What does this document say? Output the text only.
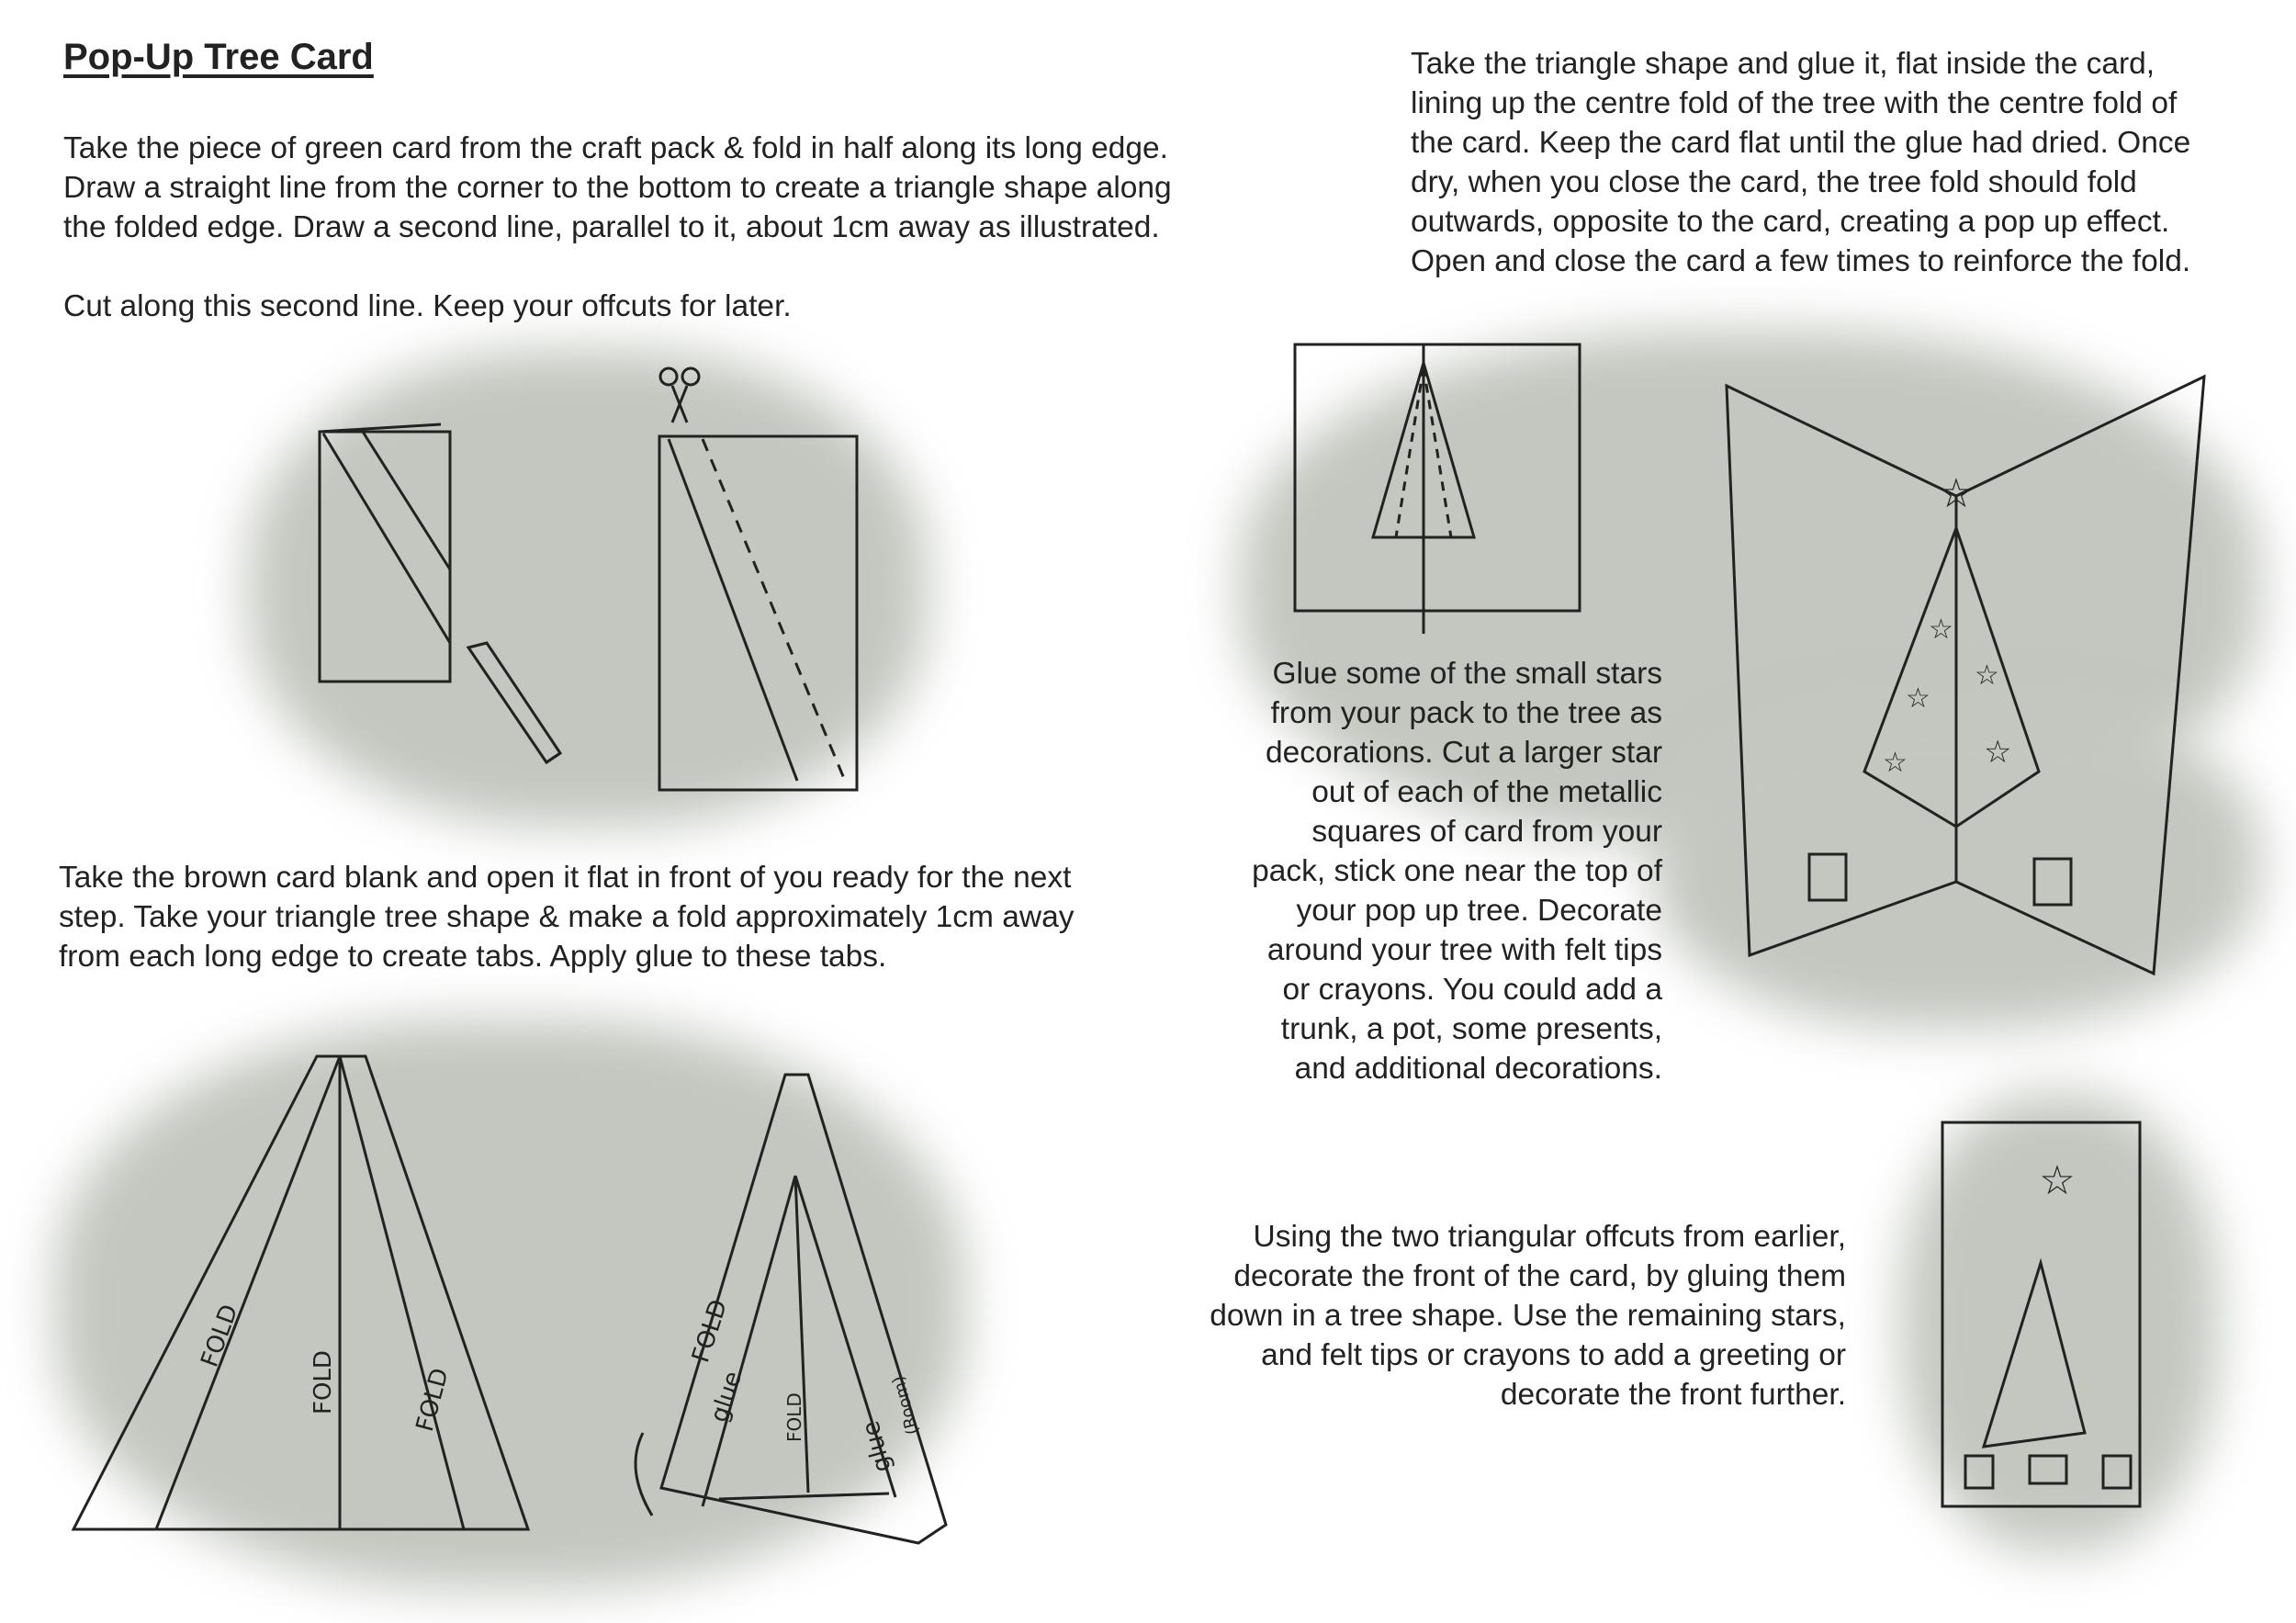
Pop-Up Tree Card
Take the piece of green card from the craft pack & fold in half along its long edge.
Draw a straight line from the corner to the bottom to create a triangle shape along
the folded edge. Draw a second line, parallel to it, about 1cm away as illustrated.
Cut along this second line. Keep your offcuts for later.
Take the brown card blank and open it flat in front of you ready for the next
step. Take your triangle tree shape & make a fold approximately 1cm away
from each long edge to create tabs. Apply glue to these tabs.
Take the triangle shape and glue it, flat inside the card,
lining up the centre fold of the tree with the centre fold of
the card. Keep the card flat until the glue had dried. Once
dry, when you close the card, the tree fold should fold
outwards, opposite to the card, creating a pop up effect.
Open and close the card a few times to reinforce the fold.
Glue some of the small stars
from your pack to the tree as
decorations. Cut a larger star
out of each of the metallic
squares of card from your
pack, stick one near the top of
your pop up tree. Decorate
around your tree with felt tips
or crayons. You could add a
trunk, a pot, some presents,
and additional decorations.
Using the two triangular offcuts from earlier,
decorate the front of the card, by gluing them
down in a tree shape. Use the remaining stars,
and felt tips or crayons to add a greeting or
decorate the front further.
FOLD
FOLD	FOLD
FOLD
glue FOLD
glue
(Room)
☆
☆
☆
☆
☆
☆
☆
